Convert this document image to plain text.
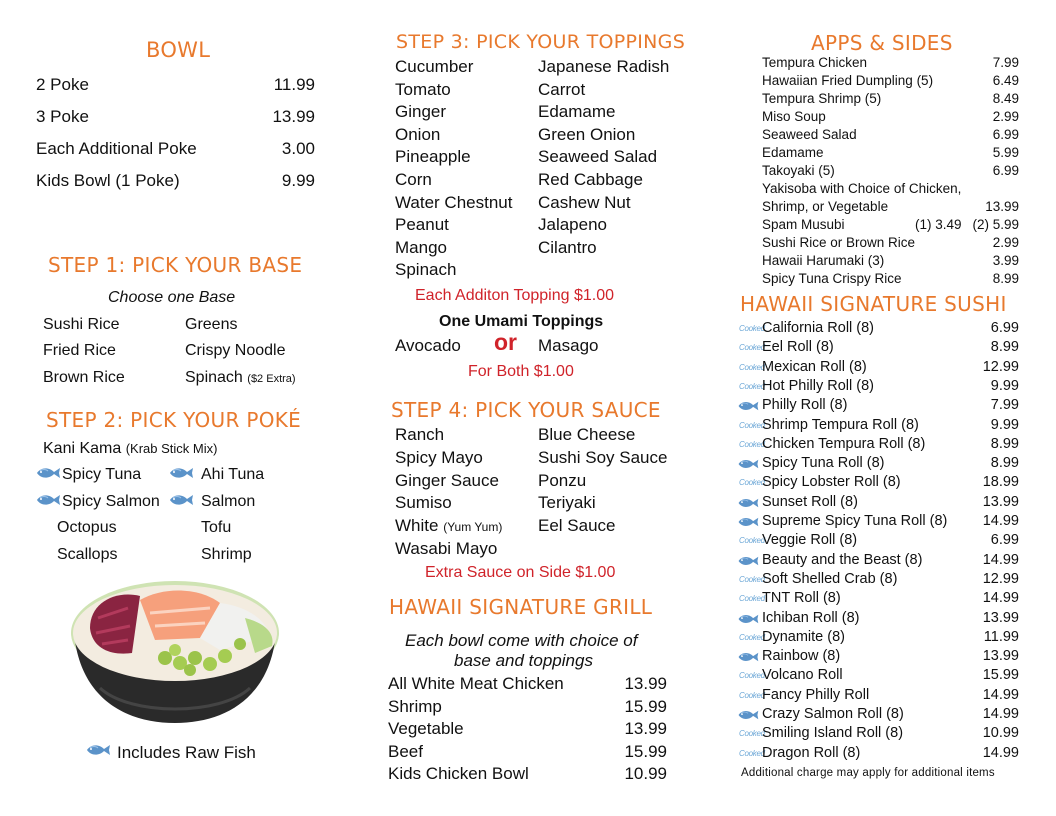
BOWL
2 Poke	11.99
3 Poke	13.99
Each Additional Poke	3.00
Kids Bowl (1 Poke)	9.99
STEP 1: PICK YOUR BASE
Choose one Base
Sushi Rice
Fried Rice
Brown Rice
Greens
Crispy Noodle
Spinach ($2 Extra)
STEP 2: PICK YOUR POKÉ
Kani Kama (Krab Stick Mix)
Spicy Tuna
Spicy Salmon
Octopus
Scallops
Ahi Tuna
Salmon
Tofu
Shrimp
Includes Raw Fish
STEP 3: PICK YOUR TOPPINGS
Cucumber
Tomato
Ginger
Onion
Pineapple
Corn
Water Chestnut
Peanut
Mango
Spinach
Japanese Radish
Carrot
Edamame
Green Onion
Seaweed Salad
Red Cabbage
Cashew Nut
Jalapeno
Cilantro
Each Additon Topping $1.00
One Umami Toppings
Avocado or Masago
For Both $1.00
STEP 4: PICK YOUR SAUCE
Ranch
Spicy Mayo
Ginger Sauce
Sumiso
White (Yum Yum)
Wasabi Mayo
Blue Cheese
Sushi Soy Sauce
Ponzu
Teriyaki
Eel Sauce
Extra Sauce on Side $1.00
HAWAII SIGNATURE GRILL
Each bowl come with choice of
base and toppings
All White Meat Chicken	13.99
Shrimp	15.99
Vegetable	13.99
Beef	15.99
Kids Chicken Bowl	10.99
APPS & SIDES
Tempura Chicken	7.99
Hawaiian Fried Dumpling (5)	6.49
Tempura Shrimp (5)	8.49
Miso Soup	2.99
Seaweed Salad	6.99
Edamame	5.99
Takoyaki (5)	6.99
Yakisoba with Choice of Chicken,
Shrimp, or Vegetable	13.99
Spam Musubi	(1) 3.49 (2) 5.99
Sushi Rice or Brown Rice	2.99
Hawaii Harumaki (3)	3.99
Spicy Tuna Crispy Rice	8.99
HAWAII SIGNATURE SUSHI
Cooked
California Roll (8)	6.99
Cooked
Eel Roll (8)	8.99
Cooked
Mexican Roll (8)	12.99
Cooked
Hot Philly Roll (8)	9.99
Philly Roll (8)	7.99
Cooked
Shrimp Tempura Roll (8)	9.99
Cooked
Chicken Tempura Roll (8)	8.99
Spicy Tuna Roll (8)	8.99
Cooked
Spicy Lobster Roll (8)	18.99
Sunset Roll (8)	13.99
Supreme Spicy Tuna Roll (8)	14.99
Cooked
Veggie Roll (8)	6.99
Beauty and the Beast (8)	14.99
Cooked
Soft Shelled Crab (8)	12.99
Cooked
TNT Roll (8)	14.99
Ichiban Roll (8)	13.99
Cooked
Dynamite (8)	11.99
Rainbow (8)	13.99
Cooked
Volcano Roll	15.99
Cooked
Fancy Philly Roll	14.99
Crazy Salmon Roll (8)	14.99
Cooked
Smiling Island Roll (8)	10.99
Cooked
Dragon Roll (8)	14.99
Additional charge may apply for additional items
